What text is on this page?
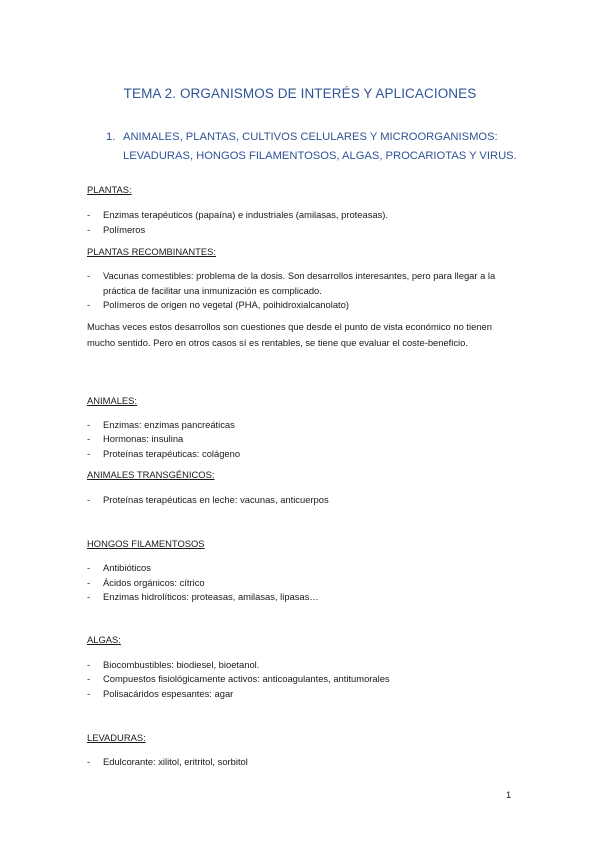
TEMA 2. ORGANISMOS DE INTERÉS Y APLICACIONES
1. ANIMALES, PLANTAS, CULTIVOS CELULARES Y MICROORGANISMOS:
LEVADURAS, HONGOS FILAMENTOSOS, ALGAS, PROCARIOTAS Y VIRUS.
PLANTAS:
- Enzimas terapéuticos (papaína) e industriales (amilasas, proteasas).
- Polímeros
PLANTAS RECOMBINANTES:
- Vacunas comestibles: problema de la dosis. Son desarrollos interesantes, pero para llegar a la práctica de facilitar una inmunización es complicado.
- Polímeros de origen no vegetal (PHA, poihidroxialcanolato)
Muchas veces estos desarrollos son cuestiones que desde el punto de vista económico no tienen mucho sentido. Pero en otros casos sí es rentables, se tiene que evaluar el coste-beneficio.
ANIMALES:
- Enzimas: enzimas pancreáticas
- Hormonas: insulina
- Proteínas terapéuticas: colágeno
ANIMALES TRANSGÉNICOS:
- Proteínas terapéuticas en leche: vacunas, anticuerpos
HONGOS FILAMENTOSOS
- Antibióticos
- Ácidos orgánicos: cítrico
- Enzimas hidrolíticos: proteasas, amilasas, lipasas…
ALGAS:
- Biocombustibles: biodiesel, bioetanol.
- Compuestos fisiológicamente activos: anticoagulantes, antitumorales
- Polisacáridos espesantes: agar
LEVADURAS:
- Edulcorante: xilitol, eritritol, sorbitol
1
